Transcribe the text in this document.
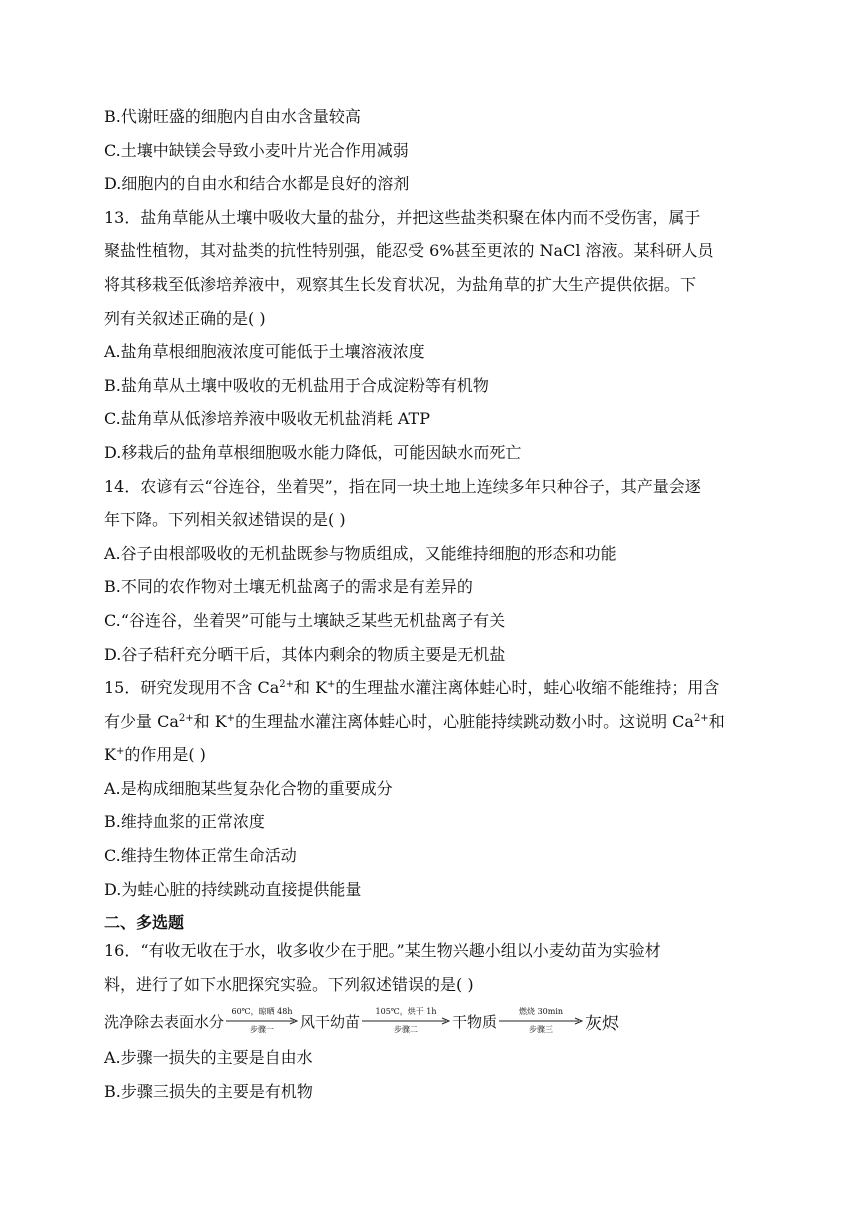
B.代谢旺盛的细胞内自由水含量较高
C.土壤中缺镁会导致小麦叶片光合作用减弱
D.细胞内的自由水和结合水都是良好的溶剂
13．盐角草能从土壤中吸收大量的盐分，并把这些盐类积聚在体内而不受伤害，属于
聚盐性植物，其对盐类的抗性特别强，能忍受 6%甚至更浓的 NaCl 溶液。某科研人员
将其移栽至低渗培养液中，观察其生长发育状况，为盐角草的扩大生产提供依据。下
列有关叙述正确的是( )
A.盐角草根细胞液浓度可能低于土壤溶液浓度
B.盐角草从土壤中吸收的无机盐用于合成淀粉等有机物
C.盐角草从低渗培养液中吸收无机盐消耗 ATP
D.移栽后的盐角草根细胞吸水能力降低，可能因缺水而死亡
14．农谚有云“谷连谷，坐着哭”，指在同一块土地上连续多年只种谷子，其产量会逐
年下降。下列相关叙述错误的是( )
A.谷子由根部吸收的无机盐既参与物质组成，又能维持细胞的形态和功能
B.不同的农作物对土壤无机盐离子的需求是有差异的
C.“谷连谷，坐着哭”可能与土壤缺乏某些无机盐离子有关
D.谷子秸秆充分晒干后，其体内剩余的物质主要是无机盐
15．研究发现用不含 $Ca^{2+}$和 K+的生理盐水灌注离体蛙心时，蛙心收缩不能维持；用含
有少量 $Ca^{2+}$和 K+的生理盐水灌注离体蛙心时，心脏能持续跳动数小时。这说明 $Ca^{2+}$和
K+的作用是( )
A.是构成细胞某些复杂化合物的重要成分
B.维持血浆的正常浓度
C.维持生物体正常生命活动
D.为蛙心脏的持续跳动直接提供能量
二、多选题
16．“有收无收在于水，收多收少在于肥。”某生物兴趣小组以小麦幼苗为实验材
料，进行了如下水肥探究实验。下列叙述错误的是( )
洗净除去表面水分
60℃，晾晒 48h
步骤一	风干幼苗
105℃，烘干 1h
步骤二	干物质
燃烧 30min
步骤三	灰烬
A.步骤一损失的主要是自由水
B.步骤三损失的主要是有机物
